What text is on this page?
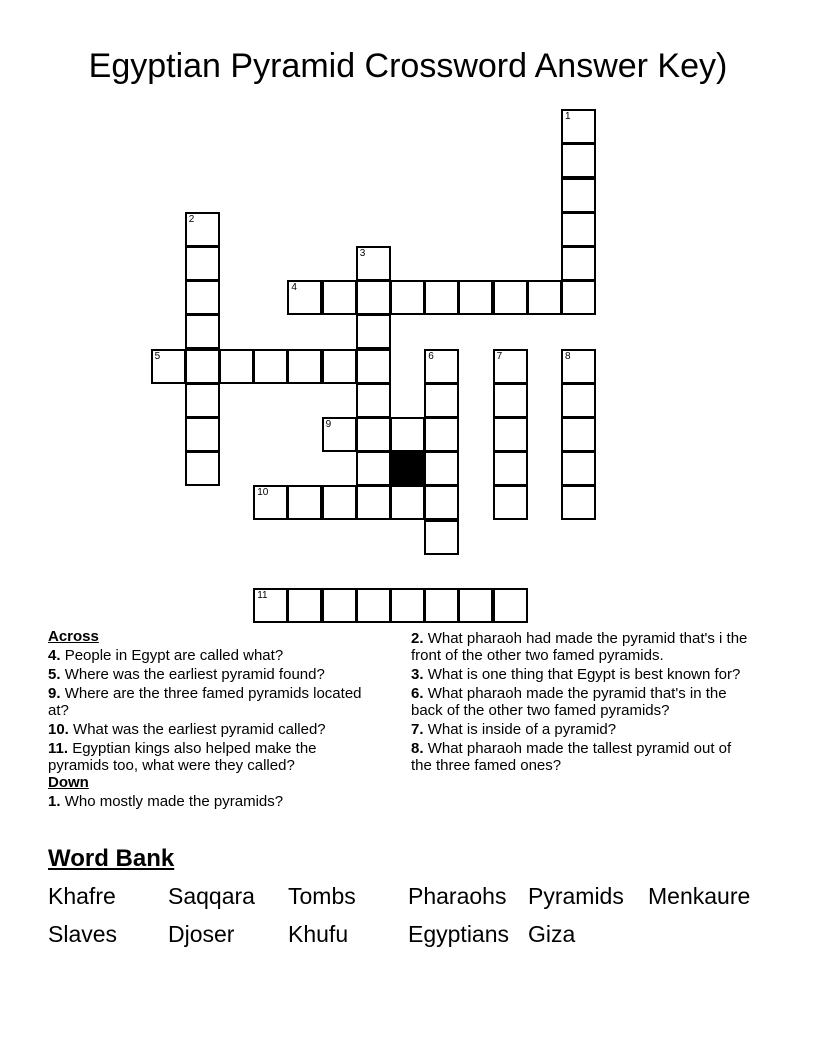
Egyptian Pyramid Crossword Answer Key)
1
2
3
4
5	6	7	8
9
10
11
Across
4. People in Egypt are called what?
5. Where was the earliest pyramid found?
9. Where are the three famed pyramids located at?
10. What was the earliest pyramid called?
11. Egyptian kings also helped make the pyramids too, what were they called?
Down
1. Who mostly made the pyramids?
2. What pharaoh had made the pyramid that's i the front of the other two famed pyramids.
3. What is one thing that Egypt is best known for?
6. What pharaoh made the pyramid that's in the back of the other two famed pyramids?
7. What is inside of a pyramid?
8. What pharaoh made the tallest pyramid out of the three famed ones?
Word Bank
Khafre Saqqara Tombs Pharaohs Pyramids Menkaure
Slaves Djoser Khufu	Egyptians Giza
